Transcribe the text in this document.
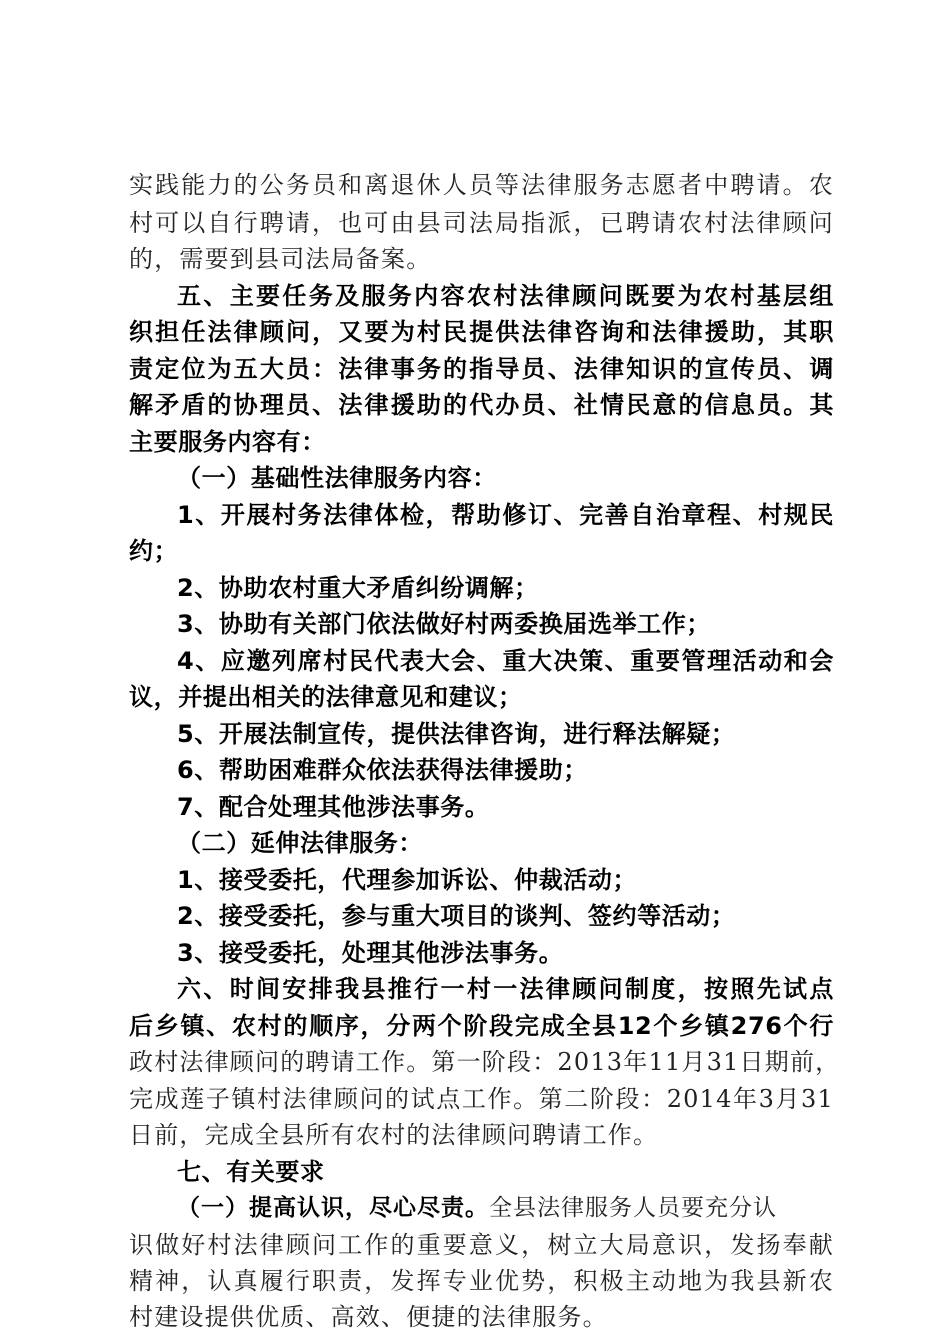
实践能力的公务员和离退休人员等法律服务志愿者中聘请。农
村可以自行聘请，也可由县司法局指派，已聘请农村法律顾问
的，需要到县司法局备案。
五、主要任务及服务内容农村法律顾问既要为农村基层组
织担任法律顾问，又要为村民提供法律咨询和法律援助，其职
责定位为五大员：法律事务的指导员、法律知识的宣传员、调
解矛盾的协理员、法律援助的代办员、社情民意的信息员。其
主要服务内容有：
（一）基础性法律服务内容：
1、开展村务法律体检，帮助修订、完善自治章程、村规民
约；
2、协助农村重大矛盾纠纷调解；
3、协助有关部门依法做好村两委换届选举工作；
4、应邀列席村民代表大会、重大决策、重要管理活动和会
议，并提出相关的法律意见和建议；
5、开展法制宣传，提供法律咨询，进行释法解疑；
6、帮助困难群众依法获得法律援助；
7、配合处理其他涉法事务。
（二）延伸法律服务：
1、接受委托，代理参加诉讼、仲裁活动；
2、接受委托，参与重大项目的谈判、签约等活动；
3、接受委托，处理其他涉法事务。
六、时间安排我县推行一村一法律顾问制度，按照先试点
后乡镇、农村的顺序，分两个阶段完成全县12个乡镇276个行
政村法律顾问的聘请工作。第一阶段：2013年11月31日期前，
完成莲子镇村法律顾问的试点工作。第二阶段：2014年3月31
日前，完成全县所有农村的法律顾问聘请工作。
七、有关要求
（一）提高认识，尽心尽责。全县法律服务人员要充分认
识做好村法律顾问工作的重要意义，树立大局意识，发扬奉献
精神，认真履行职责，发挥专业优势，积极主动地为我县新农
村建设提供优质、高效、便捷的法律服务。
